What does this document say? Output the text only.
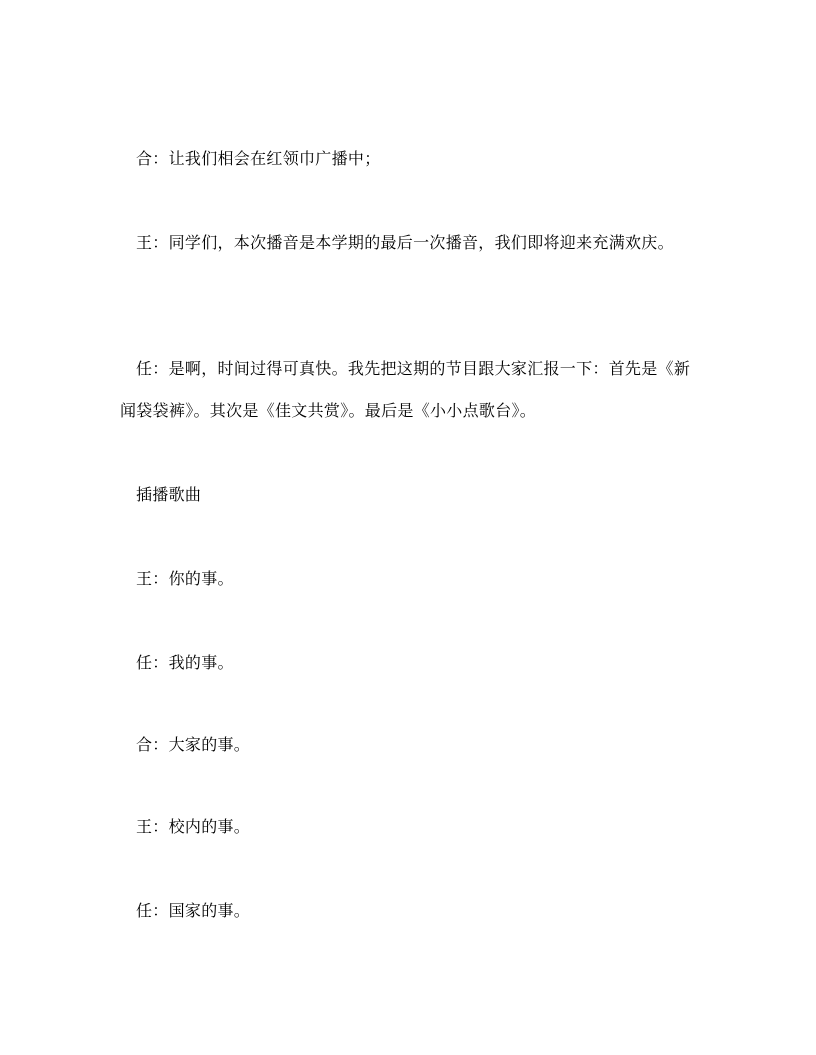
合：让我们相会在红领巾广播中；

王：同学们，本次播音是本学期的最后一次播音，我们即将迎来充满欢庆。

任：是啊，时间过得可真快。我先把这期的节目跟大家汇报一下：首先是《新闻袋袋裤》。其次是《佳文共赏》。最后是《小小点歌台》。

插播歌曲

王：你的事。

任：我的事。

合：大家的事。

王：校内的事。

任：国家的事。
